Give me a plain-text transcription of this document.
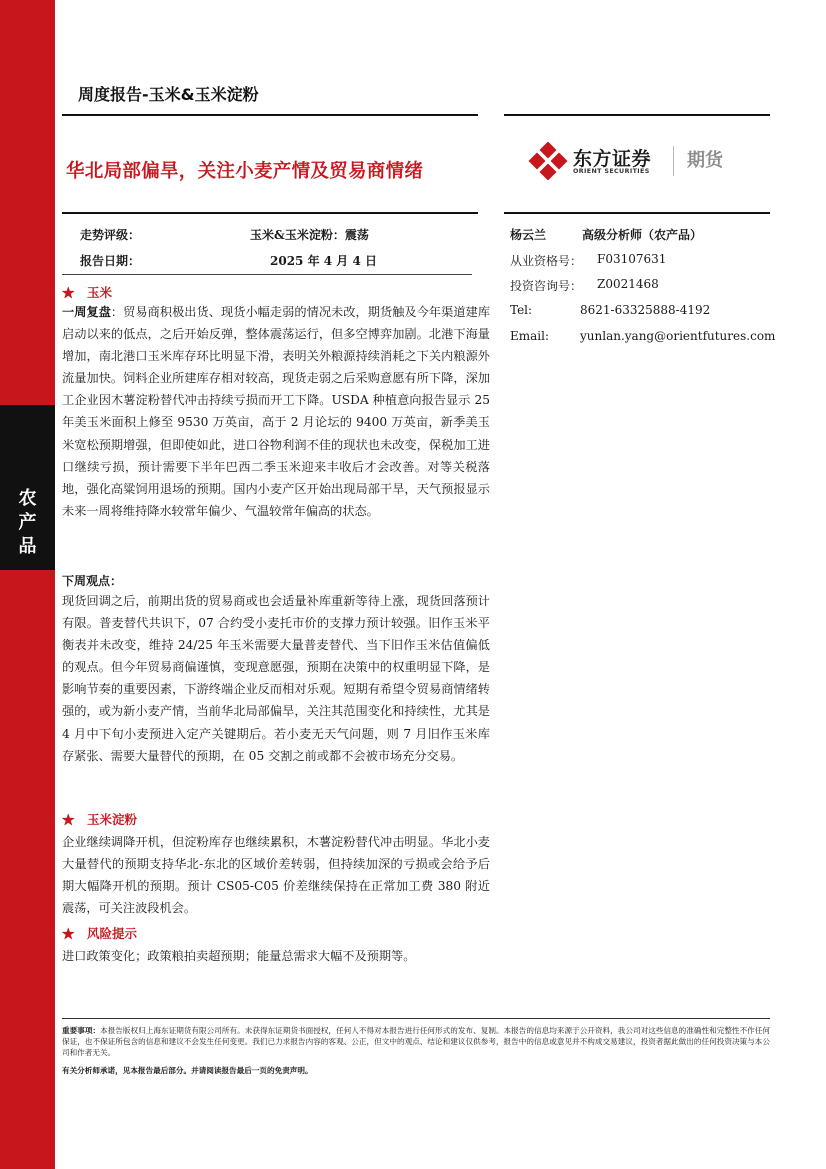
农产品
周度报告-玉米&玉米淀粉
华北局部偏旱，关注小麦产情及贸易商情绪
东方证券
ORIENT SECURITIES
期货
走势评级：	玉米&玉米淀粉：震荡
报告日期：	2025 年 4 月 4 日
杨云兰	高级分析师（农产品）
从业资格号： F03107631
投资咨询号： Z0021468
Tel:	8621-63325888-4192
Email:	yunlan.yang@orientfutures.com
★　玉米
一周复盘：贸易商积极出货、现货小幅走弱的情况未改，期货触及今年渠道建库启动以来的低点，之后开始反弹，整体震荡运行，但多空博弈加剧。北港下海量增加，南北港口玉米库存环比明显下滑，表明关外粮源持续消耗之下关内粮源外流量加快。饲料企业所建库存相对较高，现货走弱之后采购意愿有所下降，深加工企业因木薯淀粉替代冲击持续亏损而开工下降。USDA 种植意向报告显示 25 年美玉米面积上修至 9530 万英亩，高于 2 月论坛的 9400 万英亩，新季美玉米宽松预期增强，但即使如此，进口谷物利润不佳的现状也未改变，保税加工进口继续亏损，预计需要下半年巴西二季玉米迎来丰收后才会改善。对等关税落地，强化高粱饲用退场的预期。国内小麦产区开始出现局部干旱，天气预报显示未来一周将维持降水较常年偏少、气温较常年偏高的状态。
下周观点：
现货回调之后，前期出货的贸易商或也会适量补库重新等待上涨，现货回落预计有限。普麦替代共识下，07 合约受小麦托市价的支撑力预计较强。旧作玉米平衡表并未改变，维持 24/25 年玉米需要大量普麦替代、当下旧作玉米估值偏低的观点。但今年贸易商偏谨慎，变现意愿强，预期在决策中的权重明显下降，是影响节奏的重要因素，下游终端企业反而相对乐观。短期有希望令贸易商情绪转强的，或为新小麦产情，当前华北局部偏旱，关注其范围变化和持续性，尤其是 4 月中下旬小麦预进入定产关键期后。若小麦无天气问题，则 7 月旧作玉米库存紧张、需要大量替代的预期，在 05 交割之前或都不会被市场充分交易。
★　玉米淀粉
企业继续调降开机，但淀粉库存也继续累积，木薯淀粉替代冲击明显。华北小麦大量替代的预期支持华北-东北的区域价差转弱，但持续加深的亏损或会给予后期大幅降开机的预期。预计 CS05-C05 价差继续保持在正常加工费 380 附近震荡，可关注波段机会。
★　风险提示
进口政策变化；政策粮拍卖超预期；能量总需求大幅不及预期等。
重要事项：本报告版权归上海东证期货有限公司所有。未获得东证期货书面授权，任何人不得对本报告进行任何形式的发布、复制。本报告的信息均来源于公开资料，我公司对这些信息的准确性和完整性不作任何保证，也不保证所包含的信息和建议不会发生任何变更。我们已力求报告内容的客观、公正，但文中的观点、结论和建议仅供参考，报告中的信息或意见并不构成交易建议，投资者据此做出的任何投资决策与本公司和作者无关。
有关分析师承诺，见本报告最后部分。并请阅读报告最后一页的免责声明。
